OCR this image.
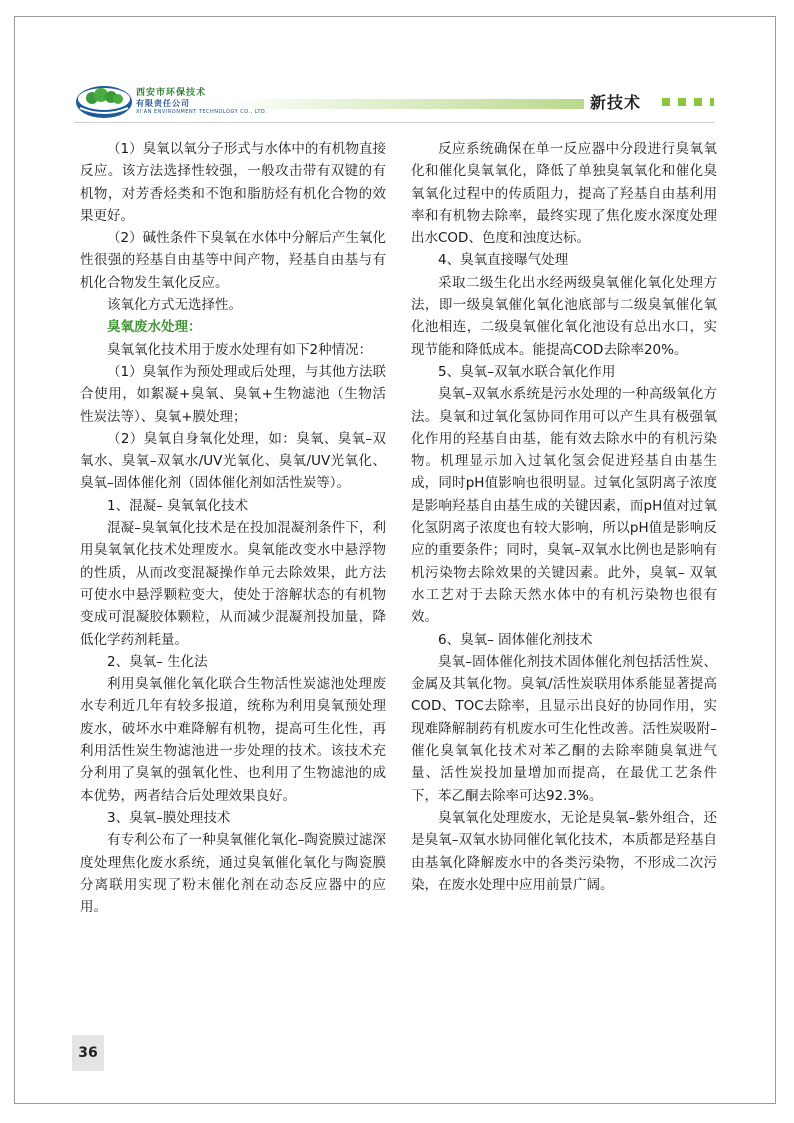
西安市环保技术
有限责任公司
XI'AN ENVIRONMENT TECHNOLOGY CO., LTD.	新技术

（1）臭氧以氧分子形式与水体中的有机物直接反应。该方法选择性较强，一般攻击带有双键的有机物，对芳香烃类和不饱和脂肪烃有机化合物的效果更好。

（2）碱性条件下臭氧在水体中分解后产生氧化性很强的羟基自由基等中间产物，羟基自由基与有机化合物发生氧化反应。

该氧化方式无选择性。

臭氧废水处理：

臭氧氧化技术用于废水处理有如下2种情况：

（1）臭氧作为预处理或后处理，与其他方法联合使用，如絮凝+臭氧、臭氧+生物滤池（生物活性炭法等）、臭氧+膜处理；

（2）臭氧自身氧化处理，如：臭氧、臭氧–双氧水、臭氧–双氧水/UV光氧化、臭氧/UV光氧化、臭氧–固体催化剂（固体催化剂如活性炭等）。

1、混凝– 臭氧氧化技术

混凝–臭氧氧化技术是在投加混凝剂条件下，利用臭氧氧化技术处理废水。臭氧能改变水中悬浮物的性质，从而改变混凝操作单元去除效果，此方法可使水中悬浮颗粒变大，使处于溶解状态的有机物变成可混凝胶体颗粒，从而减少混凝剂投加量，降低化学药剂耗量。

2、臭氧– 生化法

利用臭氧催化氧化联合生物活性炭滤池处理废水专利近几年有较多报道，统称为利用臭氧预处理废水，破坏水中难降解有机物，提高可生化性，再利用活性炭生物滤池进一步处理的技术。该技术充分利用了臭氧的强氧化性、也利用了生物滤池的成本优势，两者结合后处理效果良好。

3、臭氧–膜处理技术

有专利公布了一种臭氧催化氧化–陶瓷膜过滤深度处理焦化废水系统，通过臭氧催化氧化与陶瓷膜分离联用实现了粉末催化剂在动态反应器中的应用。

反应系统确保在单一反应器中分段进行臭氧氧化和催化臭氧氧化，降低了单独臭氧氧化和催化臭氧氧化过程中的传质阻力，提高了羟基自由基利用率和有机物去除率，最终实现了焦化废水深度处理出水COD、色度和浊度达标。

4、臭氧直接曝气处理

采取二级生化出水经两级臭氧催化氧化处理方法，即一级臭氧催化氧化池底部与二级臭氧催化氧化池相连，二级臭氧催化氧化池设有总出水口，实现节能和降低成本。能提高COD去除率20%。

5、臭氧–双氧水联合氧化作用

臭氧–双氧水系统是污水处理的一种高级氧化方法。臭氧和过氧化氢协同作用可以产生具有极强氧化作用的羟基自由基，能有效去除水中的有机污染物。机理显示加入过氧化氢会促进羟基自由基生成，同时pH值影响也很明显。过氧化氢阴离子浓度是影响羟基自由基生成的关键因素，而pH值对过氧化氢阴离子浓度也有较大影响，所以pH值是影响反应的重要条件；同时，臭氧–双氧水比例也是影响有机污染物去除效果的关键因素。此外，臭氧– 双氧水工艺对于去除天然水体中的有机污染物也很有效。

6、臭氧– 固体催化剂技术

臭氧–固体催化剂技术固体催化剂包括活性炭、金属及其氧化物。臭氧/活性炭联用体系能显著提高COD、TOC去除率，且显示出良好的协同作用，实现难降解制药有机废水可生化性改善。活性炭吸附–催化臭氧氧化技术对苯乙酮的去除率随臭氧进气量、活性炭投加量增加而提高，在最优工艺条件下，苯乙酮去除率可达92.3%。

臭氧氧化处理废水，无论是臭氧–紫外组合，还是臭氧–双氧水协同催化氧化技术，本质都是羟基自由基氧化降解废水中的各类污染物，不形成二次污染，在废水处理中应用前景广阔。

36
